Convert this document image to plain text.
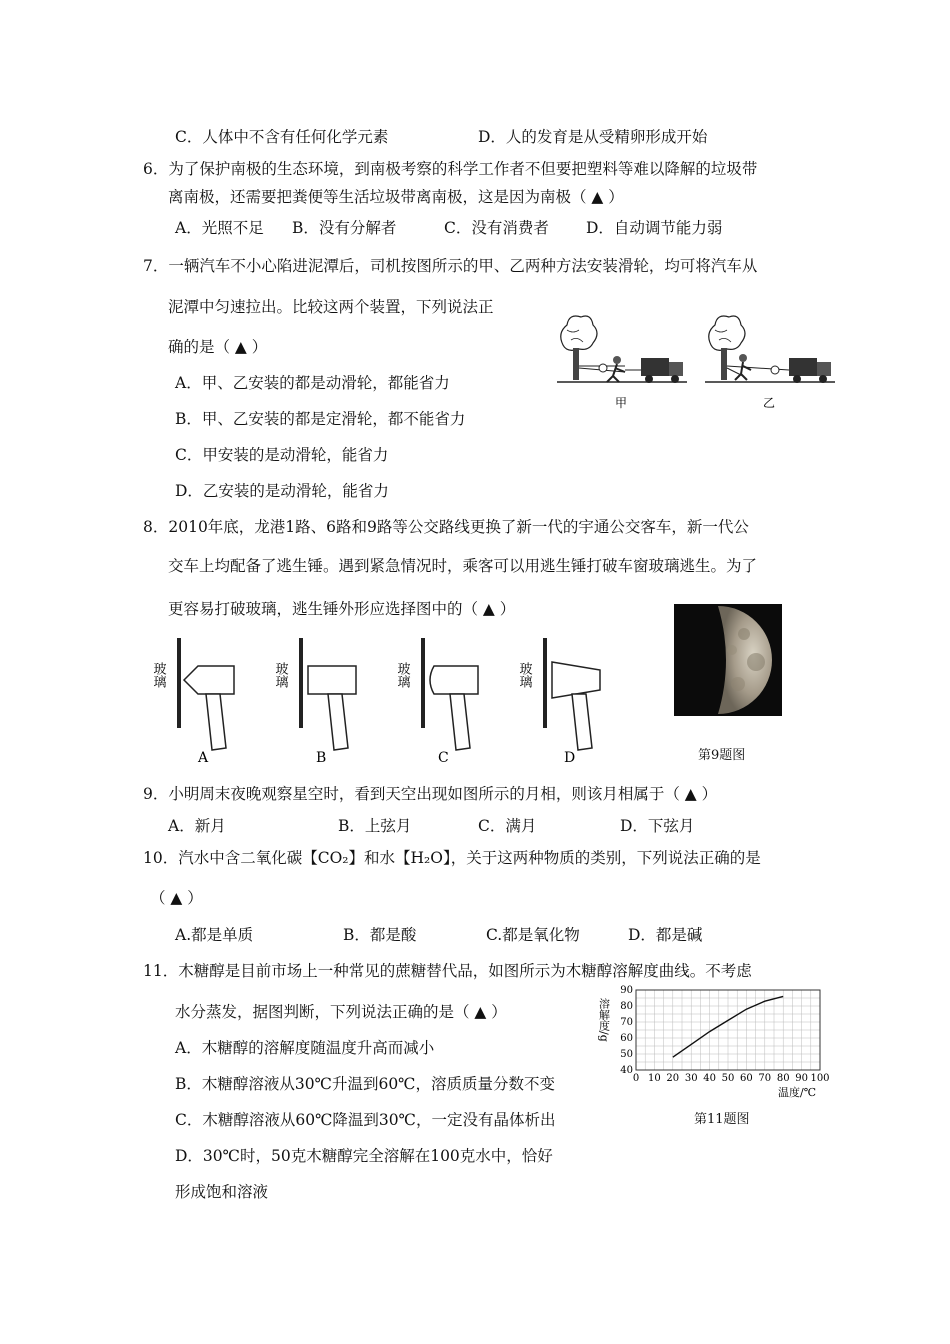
C．人体中不含有任何化学元素	D．人的发育是从受精卵形成开始
6．为了保护南极的生态环境，到南极考察的科学工作者不但要把塑料等难以降解的垃圾带
离南极，还需要把粪便等生活垃圾带离南极，这是因为南极（ ▲ ）
A．光照不足 B．没有分解者	C．没有消费者 D．自动调节能力弱
7．一辆汽车不小心陷进泥潭后，司机按图所示的甲、乙两种方法安装滑轮，均可将汽车从
泥潭中匀速拉出。比较这两个装置，下列说法正
确的是（ ▲ ）
A．甲、乙安装的都是动滑轮，都能省力
B．甲、乙安装的都是定滑轮，都不能省力
C．甲安装的是动滑轮，能省力
D．乙安装的是动滑轮，能省力
甲	乙
8．2010年底，龙港1路、6路和9路等公交路线更换了新一代的宇通公交客车，新一代公
交车上均配备了逃生锤。遇到紧急情况时，乘客可以用逃生锤打破车窗玻璃逃生。为了
更容易打破玻璃，逃生锤外形应选择图中的（ ▲ ）
玻璃
A
玻璃
B
玻璃
C
玻璃
D	第9题图
9．小明周末夜晚观察星空时，看到天空出现如图所示的月相，则该月相属于（ ▲ ）
A．新月	B．上弦月	C．满月	D．下弦月
10．汽水中含二氧化碳【CO₂】和水【H₂O】，关于这两种物质的类别，下列说法正确的是
（ ▲ ）
A.都是单质	B．都是酸	C.都是氧化物	D．都是碱
11．木糖醇是目前市场上一种常见的蔗糖替代品，如图所示为木糖醇溶解度曲线。不考虑
水分蒸发，据图判断，下列说法正确的是（ ▲ ）
A．木糖醇的溶解度随温度升高而减小
B．木糖醇溶液从30℃升温到60℃，溶质质量分数不变
C．木糖醇溶液从60℃降温到30℃，一定没有晶体析出
D．30℃时，50克木糖醇完全溶解在100克水中，恰好
形成饱和溶液
溶解度/g
0 10 20 30 40 50 60 70 80 90 100
40
50
60
70
80
90
温度/℃
第11题图
